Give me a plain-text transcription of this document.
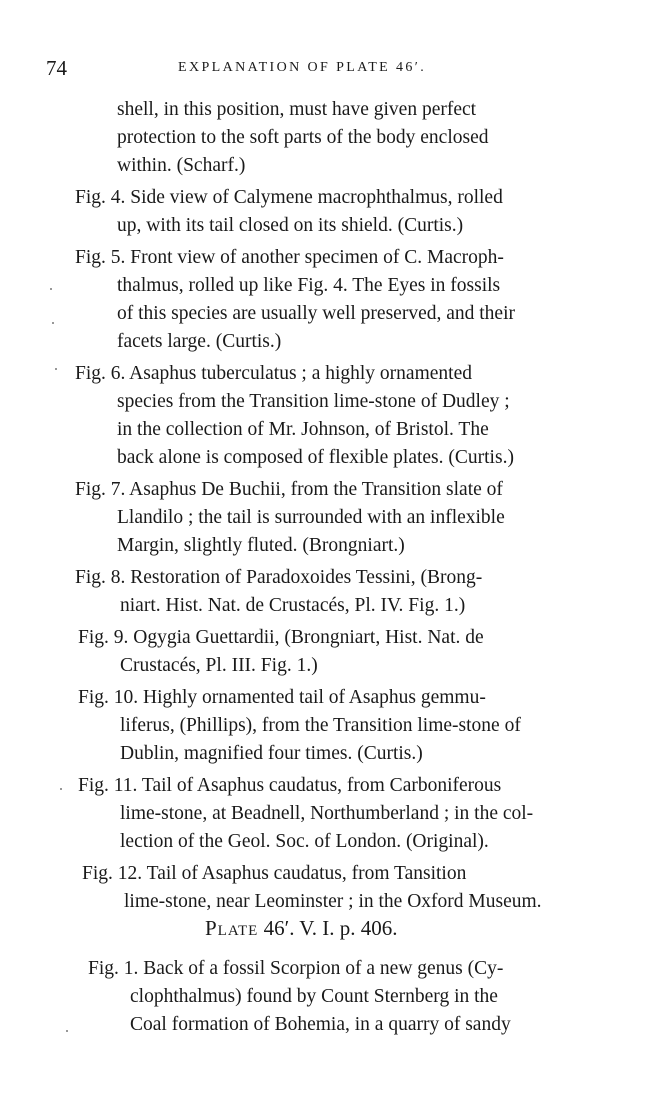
74	EXPLANATION OF PLATE 46′.
shell, in this position, must have given perfect
protection to the soft parts of the body enclosed
within. (Scharf.)
Fig. 4. Side view of Calymene macrophthalmus, rolled
up, with its tail closed on its shield. (Curtis.)
Fig. 5. Front view of another specimen of C. Macroph-
thalmus, rolled up like Fig. 4. The Eyes in fossils
of this species are usually well preserved, and their
facets large. (Curtis.)
Fig. 6. Asaphus tuberculatus ; a highly ornamented
species from the Transition lime-stone of Dudley ;
in the collection of Mr. Johnson, of Bristol. The
back alone is composed of flexible plates. (Curtis.)
Fig. 7. Asaphus De Buchii, from the Transition slate of
Llandilo ; the tail is surrounded with an inflexible
Margin, slightly fluted. (Brongniart.)
Fig. 8. Restoration of Paradoxoides Tessini, (Brong-
niart. Hist. Nat. de Crustacés, Pl. IV. Fig. 1.)
Fig. 9. Ogygia Guettardii, (Brongniart, Hist. Nat. de
Crustacés, Pl. III. Fig. 1.)
Fig. 10. Highly ornamented tail of Asaphus gemmu-
liferus, (Phillips), from the Transition lime-stone of
Dublin, magnified four times. (Curtis.)
Fig. 11. Tail of Asaphus caudatus, from Carboniferous
lime-stone, at Beadnell, Northumberland ; in the col-
lection of the Geol. Soc. of London. (Original).
Fig. 12. Tail of Asaphus caudatus, from Tansition
lime-stone, near Leominster ; in the Oxford Museum.
Plate 46′. V. I. p. 406.
Fig. 1. Back of a fossil Scorpion of a new genus (Cy-
clophthalmus) found by Count Sternberg in the
Coal formation of Bohemia, in a quarry of sandy
